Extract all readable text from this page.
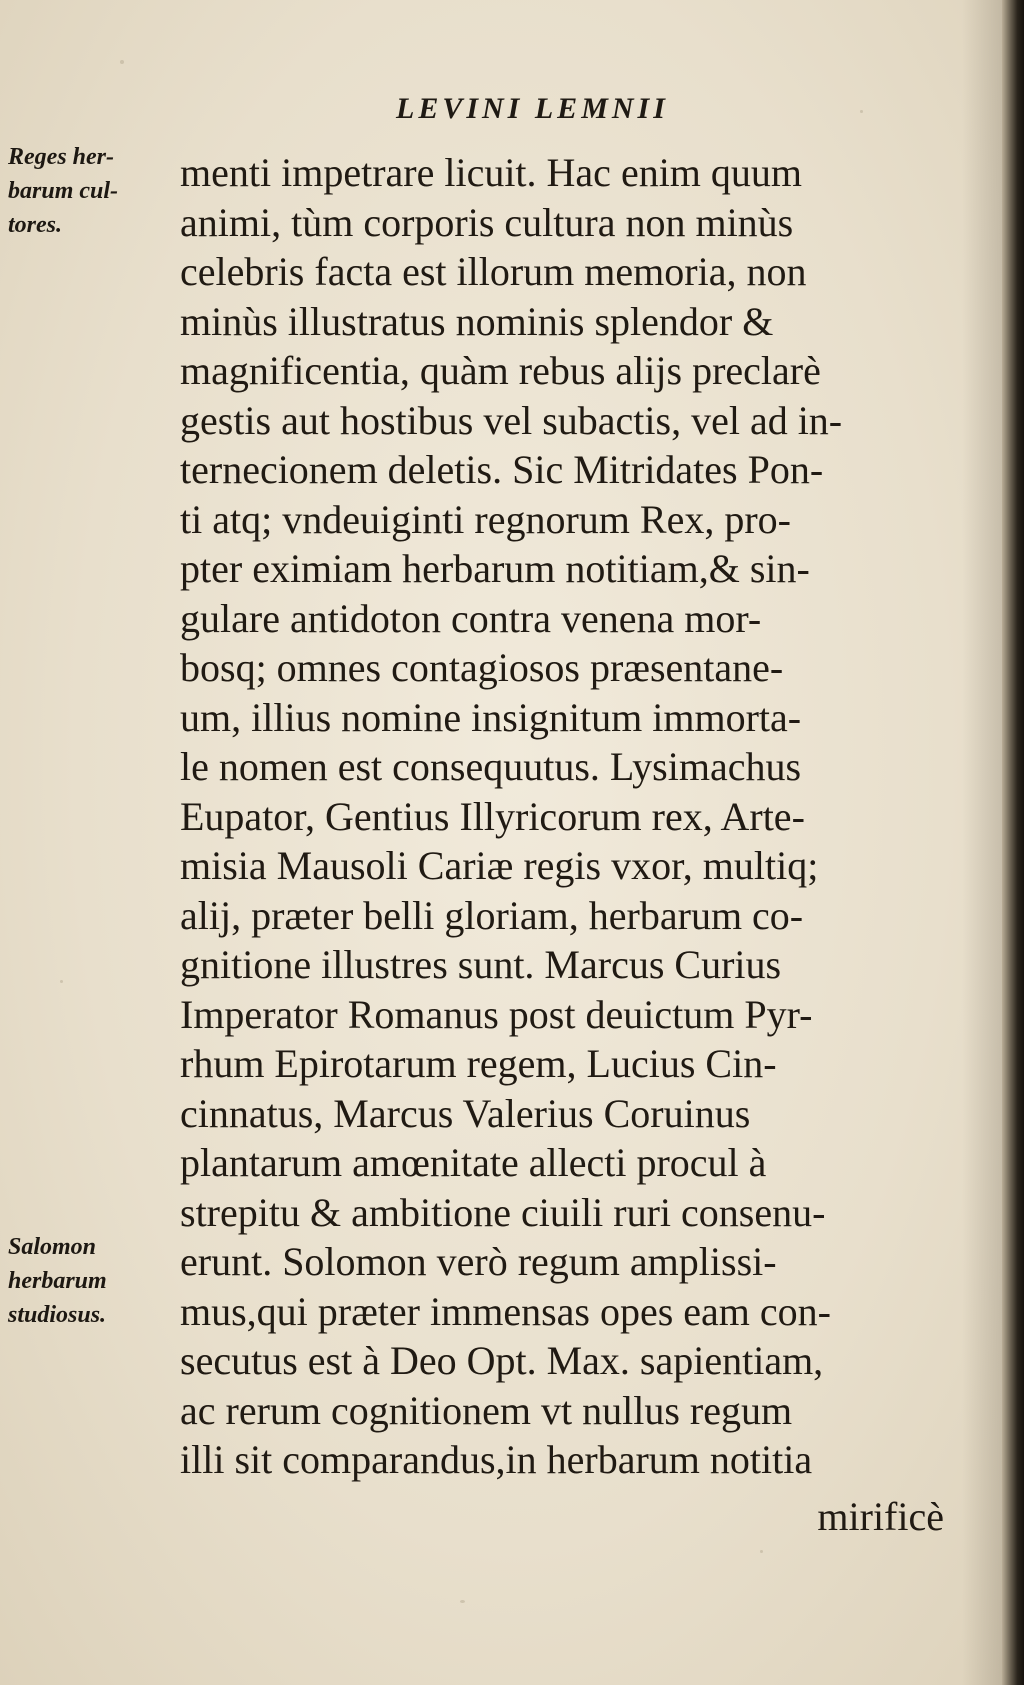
LEVINI LEMNII
Reges her-
barum cul-
tores.
Salomon
herbarum
studiosus.
menti impetrare licuit. Hac enim quum
animi, tùm corporis cultura non minùs
celebris facta est illorum memoria, non
minùs illustratus nominis splendor &
magnificentia, quàm rebus alijs preclarè
gestis aut hostibus vel subactis, vel ad in-
ternecionem deletis. Sic Mitridates Pon-
ti atq; vndeuiginti regnorum Rex, pro-
pter eximiam herbarum notitiam,& sin-
gulare antidoton contra venena mor-
bosq; omnes contagiosos præsentane-
um, illius nomine insignitum immorta-
le nomen est consequutus. Lysimachus
Eupator, Gentius Illyricorum rex, Arte-
misia Mausoli Cariæ regis vxor, multiq;
alij, præter belli gloriam, herbarum co-
gnitione illustres sunt. Marcus Curius
Imperator Romanus post deuictum Pyr-
rhum Epirotarum regem, Lucius Cin-
cinnatus, Marcus Valerius Coruinus
plantarum amœnitate allecti procul à
strepitu & ambitione ciuili ruri consenu-
erunt. Solomon verò regum amplissi-
mus,qui præter immensas opes eam con-
secutus est à Deo Opt. Max. sapientiam,
ac rerum cognitionem vt nullus regum
illi sit comparandus,in herbarum notitia
mirificè
